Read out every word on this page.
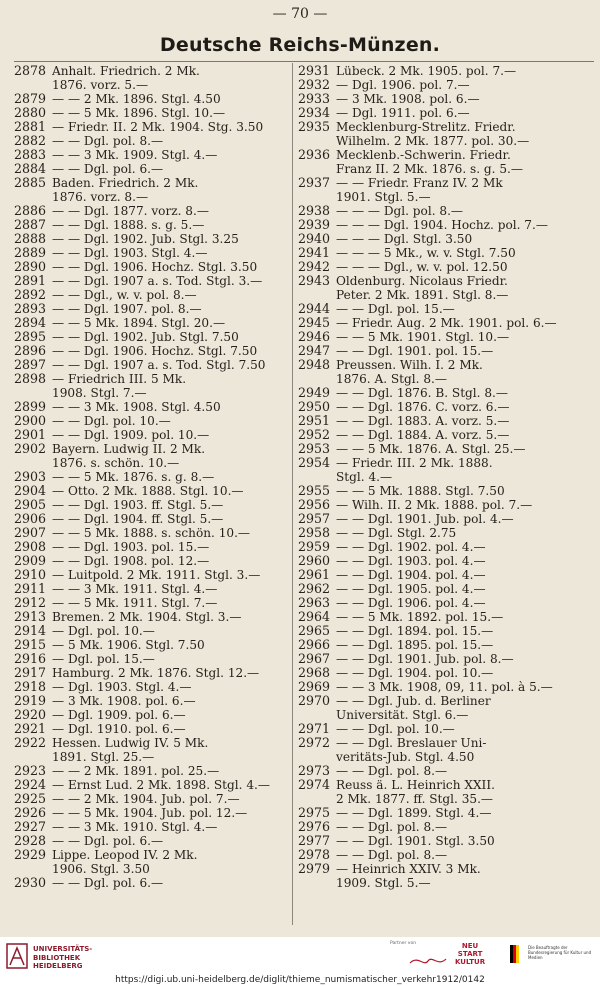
— 70 —
Deutsche Reichs-Münzen.
2878 Anhalt. Friedrich. 2 Mk.
1876. vorz. 5.—
2879 — — 2 Mk. 1896. Stgl. 4.50
2880 — — 5 Mk. 1896. Stgl. 10.—
2881 — Friedr. II. 2 Mk. 1904. Stg. 3.50
2882 — — Dgl. pol. 8.—
2883 — — 3 Mk. 1909. Stgl. 4.—
2884 — — Dgl. pol. 6.—
2885 Baden. Friedrich. 2 Mk.
1876. vorz. 8.—
2886 — — Dgl. 1877. vorz. 8.—
2887 — — Dgl. 1888. s. g. 5.—
2888 — — Dgl. 1902. Jub. Stgl. 3.25
2889 — — Dgl. 1903. Stgl. 4.—
2890 — — Dgl. 1906. Hochz. Stgl. 3.50
2891 — — Dgl. 1907 a. s. Tod. Stgl. 3.—
2892 — — Dgl., w. v. pol. 8.—
2893 — — Dgl. 1907. pol. 8.—
2894 — — 5 Mk. 1894. Stgl. 20.—
2895 — — Dgl. 1902. Jub. Stgl. 7.50
2896 — — Dgl. 1906. Hochz. Stgl. 7.50
2897 — — Dgl. 1907 a. s. Tod. Stgl. 7.50
2898 — Friedrich III. 5 Mk.
1908. Stgl. 7.—
2899 — — 3 Mk. 1908. Stgl. 4.50
2900 — — Dgl. pol. 10.—
2901 — — Dgl. 1909. pol. 10.—
2902 Bayern. Ludwig II. 2 Mk.
1876. s. schön. 10.—
2903 — — 5 Mk. 1876. s. g. 8.—
2904 — Otto. 2 Mk. 1888. Stgl. 10.—
2905 — — Dgl. 1903. ff. Stgl. 5.—
2906 — — Dgl. 1904. ff. Stgl. 5.—
2907 — — 5 Mk. 1888. s. schön. 10.—
2908 — — Dgl. 1903. pol. 15.—
2909 — — Dgl. 1908. pol. 12.—
2910 — Luitpold. 2 Mk. 1911. Stgl. 3.—
2911 — — 3 Mk. 1911. Stgl. 4.—
2912 — — 5 Mk. 1911. Stgl. 7.—
2913 Bremen. 2 Mk. 1904. Stgl. 3.—
2914 — Dgl. pol. 10.—
2915 — 5 Mk. 1906. Stgl. 7.50
2916 — Dgl. pol. 15.—
2917 Hamburg. 2 Mk. 1876. Stgl. 12.—
2918 — Dgl. 1903. Stgl. 4.—
2919 — 3 Mk. 1908. pol. 6.—
2920 — Dgl. 1909. pol. 6.—
2921 — Dgl. 1910. pol. 6.—
2922 Hessen. Ludwig IV. 5 Mk.
1891. Stgl. 25.—
2923 — — 2 Mk. 1891. pol. 25.—
2924 — Ernst Lud. 2 Mk. 1898. Stgl. 4.—
2925 — — 2 Mk. 1904. Jub. pol. 7.—
2926 — — 5 Mk. 1904. Jub. pol. 12.—
2927 — — 3 Mk. 1910. Stgl. 4.—
2928 — — Dgl. pol. 6.—
2929 Lippe. Leopod IV. 2 Mk.
1906. Stgl. 3.50
2930 — — Dgl. pol. 6.—
2931 Lübeck. 2 Mk. 1905. pol. 7.—
2932 — Dgl. 1906. pol. 7.—
2933 — 3 Mk. 1908. pol. 6.—
2934 — Dgl. 1911. pol. 6.—
2935 Mecklenburg-Strelitz. Friedr.
Wilhelm. 2 Mk. 1877. pol. 30.—
2936 Mecklenb.-Schwerin. Friedr.
Franz II. 2 Mk. 1876. s. g. 5.—
2937 — — Friedr. Franz IV. 2 Mk
1901. Stgl. 5.—
2938 — — — Dgl. pol. 8.—
2939 — — — Dgl. 1904. Hochz. pol. 7.—
2940 — — — Dgl. Stgl. 3.50
2941 — — — 5 Mk., w. v. Stgl. 7.50
2942 — — — Dgl., w. v. pol. 12.50
2943 Oldenburg. Nicolaus Friedr.
Peter. 2 Mk. 1891. Stgl. 8.—
2944 — — Dgl. pol. 15.—
2945 — Friedr. Aug. 2 Mk. 1901. pol. 6.—
2946 — — 5 Mk. 1901. Stgl. 10.—
2947 — — Dgl. 1901. pol. 15.—
2948 Preussen. Wilh. I. 2 Mk.
1876. A. Stgl. 8.—
2949 — — Dgl. 1876. B. Stgl. 8.—
2950 — — Dgl. 1876. C. vorz. 6.—
2951 — — Dgl. 1883. A. vorz. 5.—
2952 — — Dgl. 1884. A. vorz. 5.—
2953 — — 5 Mk. 1876. A. Stgl. 25.—
2954 — Friedr. III. 2 Mk. 1888.
Stgl. 4.—
2955 — — 5 Mk. 1888. Stgl. 7.50
2956 — Wilh. II. 2 Mk. 1888. pol. 7.—
2957 — — Dgl. 1901. Jub. pol. 4.—
2958 — — Dgl. Stgl. 2.75
2959 — — Dgl. 1902. pol. 4.—
2960 — — Dgl. 1903. pol. 4.—
2961 — — Dgl. 1904. pol. 4.—
2962 — — Dgl. 1905. pol. 4.—
2963 — — Dgl. 1906. pol. 4.—
2964 — — 5 Mk. 1892. pol. 15.—
2965 — — Dgl. 1894. pol. 15.—
2966 — — Dgl. 1895. pol. 15.—
2967 — — Dgl. 1901. Jub. pol. 8.—
2968 — — Dgl. 1904. pol. 10.—
2969 — — 3 Mk. 1908, 09, 11. pol. à 5.—
2970 — — Dgl. Jub. d. Berliner
Universität. Stgl. 6.—
2971 — — Dgl. pol. 10.—
2972 — — Dgl. Breslauer Uni-
veritäts-Jub. Stgl. 4.50
2973 — — Dgl. pol. 8.—
2974 Reuss ä. L. Heinrich XXII.
2 Mk. 1877. ff. Stgl. 35.—
2975 — — Dgl. 1899. Stgl. 4.—
2976 — — Dgl. pol. 8.—
2977 — — Dgl. 1901. Stgl. 3.50
2978 — — Dgl. pol. 8.—
2979 — Heinrich XXIV. 3 Mk.
1909. Stgl. 5.—
UNIVERSITÄTS-
BIBLIOTHEK
HEIDELBERG
Partner von	NEU
START
KULTUR
Die Beauftragte der Bundesregierung für Kultur und Medien
https://digi.ub.uni-heidelberg.de/diglit/thieme_numismatischer_verkehr1912/0142
